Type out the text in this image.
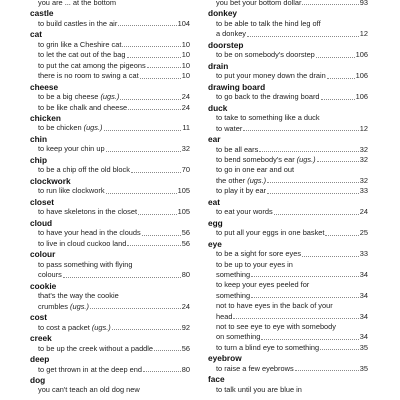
you are ... at the bottom
castle
to build castles in the air	104
cat
to grin like a Cheshire cat	10
to let the cat out of the bag	10
to put the cat among the pigeons	10
there is no room to swing a cat	10
cheese
to be a big cheese (ugs.)	24
to be like chalk and cheese	24
chicken
to be chicken (ugs.)	11
chin
to keep your chin up	32
chip
to be a chip off the old block	70
clockwork
to run like clockwork	105
closet
to have skeletons in the closet	105
cloud
to have your head in the clouds	56
to live in cloud cuckoo land	56
colour
to pass something with flying
colours	80
cookie
that's the way the cookie
crumbles (ugs.)	24
cost
to cost a packet (ugs.)	92
creek
to be up the creek without a paddle	56
deep
to get thrown in at the deep end	80
dog
you can't teach an old dog new
you bet your bottom dollar	93
donkey
to be able to talk the hind leg off
a donkey	12
doorstep
to be on somebody's doorstep	106
drain
to put your money down the drain	106
drawing board
to go back to the drawing board	106
duck
to take to something like a duck
to water	12
ear
to be all ears	32
to bend somebody's ear (ugs.)	32
to go in one ear and out
the other (ugs.)	32
to play it by ear	33
eat
to eat your words	24
egg
to put all your eggs in one basket	25
eye
to be a sight for sore eyes	33
to be up to your eyes in
something	34
to keep your eyes peeled for
something	34
not to have eyes in the back of your
head	34
not to see eye to eye with somebody
on something	34
to turn a blind eye to something	35
eyebrow
to raise a few eyebrows	35
face
to talk until you are blue in
